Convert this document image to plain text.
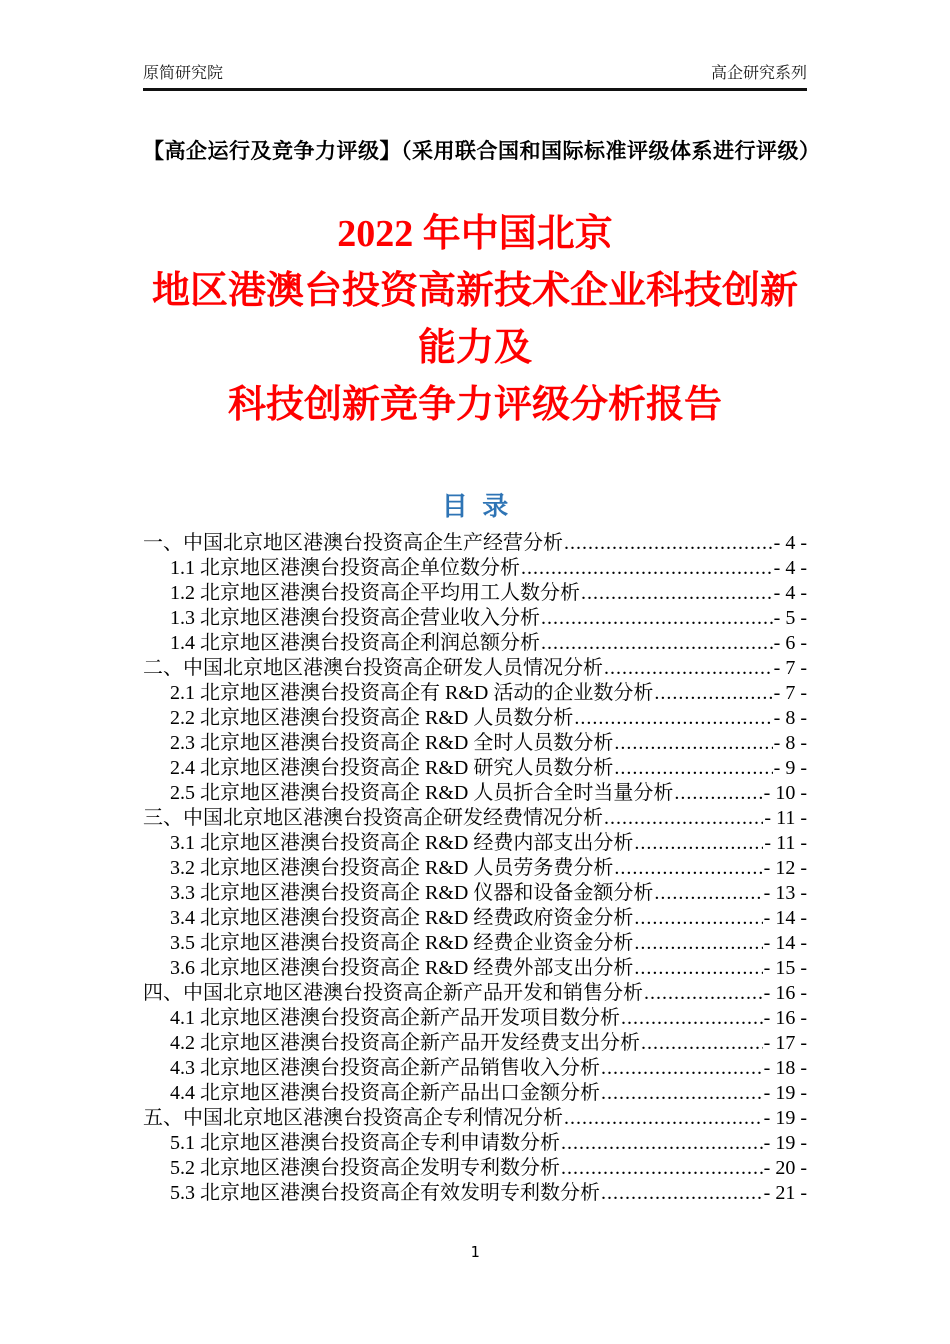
原简研究院	高企研究系列
【高企运行及竞争力评级】（采用联合国和国际标准评级体系进行评级）
2022 年中国北京
地区港澳台投资高新技术企业科技创新
能力及
科技创新竞争力评级分析报告
目  录
一、中国北京地区港澳台投资高企生产经营分析 .....	- 4 -
1.1 北京地区港澳台投资高企单位数分析 .....	- 4 -
1.2 北京地区港澳台投资高企平均用工人数分析 .....	- 4 -
1.3 北京地区港澳台投资高企营业收入分析 .....	- 5 -
1.4 北京地区港澳台投资高企利润总额分析 .....	- 6 -
二、中国北京地区港澳台投资高企研发人员情况分析 .....	- 7 -
2.1 北京地区港澳台投资高企有 R&D 活动的企业数分析 .....	- 7 -
2.2 北京地区港澳台投资高企 R&D 人员数分析 .....	- 8 -
2.3 北京地区港澳台投资高企 R&D 全时人员数分析 .....	- 8 -
2.4 北京地区港澳台投资高企 R&D 研究人员数分析 .....	- 9 -
2.5 北京地区港澳台投资高企 R&D 人员折合全时当量分析 .....	- 10 -
三、中国北京地区港澳台投资高企研发经费情况分析 .....	- 11 -
3.1 北京地区港澳台投资高企 R&D 经费内部支出分析 .....	- 11 -
3.2 北京地区港澳台投资高企 R&D 人员劳务费分析 .....	- 12 -
3.3 北京地区港澳台投资高企 R&D 仪器和设备金额分析 .....	- 13 -
3.4 北京地区港澳台投资高企 R&D 经费政府资金分析 .....	- 14 -
3.5 北京地区港澳台投资高企 R&D 经费企业资金分析 .....	- 14 -
3.6 北京地区港澳台投资高企 R&D 经费外部支出分析 .....	- 15 -
四、中国北京地区港澳台投资高企新产品开发和销售分析 .....	- 16 -
4.1 北京地区港澳台投资高企新产品开发项目数分析 .....	- 16 -
4.2 北京地区港澳台投资高企新产品开发经费支出分析 .....	- 17 -
4.3 北京地区港澳台投资高企新产品销售收入分析 .....	- 18 -
4.4 北京地区港澳台投资高企新产品出口金额分析 .....	- 19 -
五、中国北京地区港澳台投资高企专利情况分析 .....	- 19 -
5.1 北京地区港澳台投资高企专利申请数分析 .....	- 19 -
5.2 北京地区港澳台投资高企发明专利数分析 .....	- 20 -
5.3 北京地区港澳台投资高企有效发明专利数分析 .....	- 21 -
1
